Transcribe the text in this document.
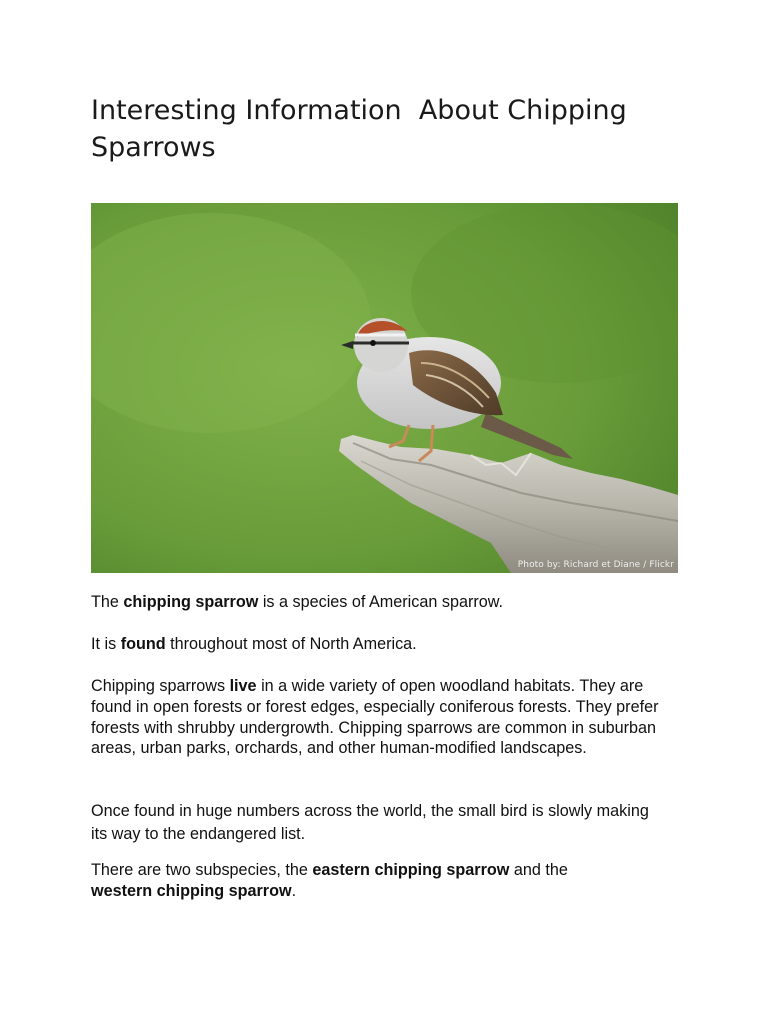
Interesting Information  About Chipping Sparrows
Photo by: Richard et Diane / Flickr

The chipping sparrow is a species of American sparrow.

It is found throughout most of North America.

Chipping sparrows live in a wide variety of open woodland habitats. They are found in open forests or forest edges, especially coniferous forests. They prefer forests with shrubby undergrowth. Chipping sparrows are common in suburban areas, urban parks, orchards, and other human-modified landscapes.

Once found in huge numbers across the world, the small bird is slowly making its way to the endangered list.

There are two subspecies, the eastern chipping sparrow and the western chipping sparrow.
